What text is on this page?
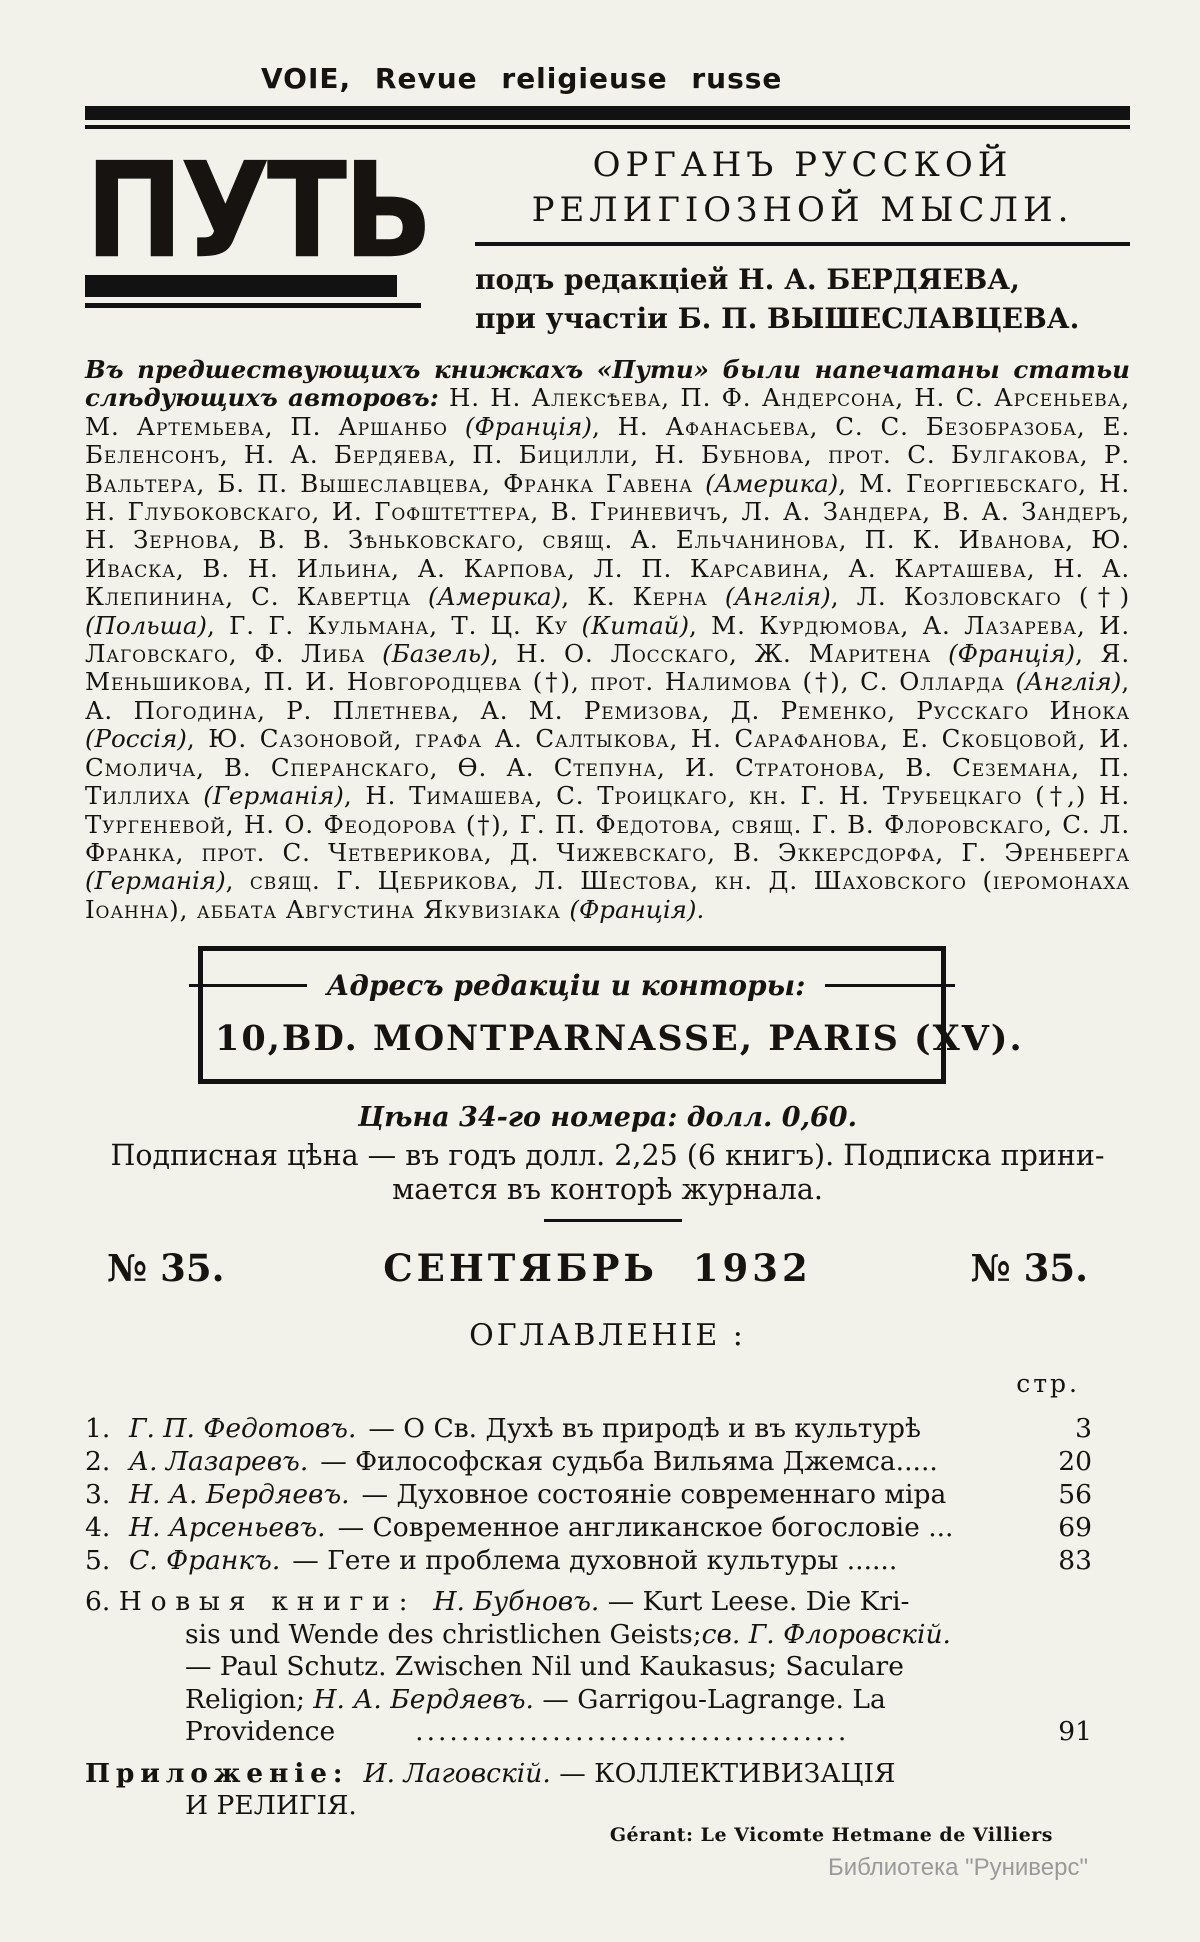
VOIE, Revue religieuse russe
ПУТЬ	ОРГАНЪ РУССКОЙ
РЕЛИГІОЗНОЙ МЫСЛИ.
подъ редакціей Н. А. БЕРДЯЕВА,
при участіи Б. П. ВЫШЕСЛАВЦЕВА.
Въ предшествующихъ книжкахъ «Пути» были напечатаны статьи слѣдующихъ авторовъ: Н. Н. Алексѣева, П. Ф. Андерсона, Н. С. Арсеньева, М. Артемьева, П. Аршанбо (Франція), Н. Афанасьева, С. С. Безобразоба, Е. Беленсонъ, Н. А. Бердяева, П. Бицилли, Н. Бубнова, прот. С. Булгакова, Р. Вальтера, Б. П. Вышеславцева, Франка Гавена (Америка), М. Георгіебскаго, Н. Н. Глубоковскаго, И. Гофштеттера, В. Гриневичъ, Л. А. Зандера, В. А. Зандеръ, Н. Зернова, В. В. Зѣньковскаго, свящ. А. Ельчанинова, П. К. Иванова, Ю. Иваска, В. Н. Ильина, А. Карпова, Л. П. Карсавина, А. Карташева, Н. А. Клепинина, С. Кавертца (Америка), К. Керна (Англія), Л. Козловскаго (†) (Польша), Г. Г. Кульмана, Т. Ц. Ку (Китай), М. Курдюмова, А. Лазарева, И. Лаговскаго, Ф. Либа (Базель), Н. О. Лосскаго, Ж. Маритена (Франція), Я. Меньшикова, П. И. Новгородцева (†), прот. Налимова (†), С. Олларда (Англія), А. Погодина, Р. Плетнева, А. М. Ремизова, Д. Ременко, Русскаго Инока (Россія), Ю. Сазоновой, графа А. Салтыкова, Н. Сарафанова, Е. Скобцовой, И. Смолича, В. Сперанскаго, Ѳ. А. Степуна, И. Стратонова, В. Сеземана, П. Тиллиха (Германія), Н. Тимашева, С. Троицкаго, кн. Г. Н. Трубецкаго (†,) Н. Тургеневой, Н. О. Феодорова (†), Г. П. Федотова, свящ. Г. В. Флоровскаго, С. Л. Франка, прот. С. Четверикова, Д. Чижевскаго, В. Эккерсдорфа, Г. Эренберга (Германія), свящ. Г. Цебрикова, Л. Шестова, кн. Д. Шаховского (іеромонаха Іоанна), аббата Августина Якувизіака (Франція).
Адресъ редакціи и конторы:
10,BD. MONTPARNASSE, PARIS (XV).
Цѣна 34-го номера: долл. 0,60.
Подписная цѣна — въ годъ долл. 2,25 (6 книгъ). Подписка прини-
мается въ конторѣ журнала.
№ 35.	СЕНТЯБРЬ 1932	№ 35.
ОГЛАВЛЕНІЕ :
стр.
1. Г. П. Федотовъ. — О Св. Духѣ въ природѣ и въ культурѣ	3
2. А. Лазаревъ. — Философская судьба Вильяма Джемса.....	20
3. Н. А. Бердяевъ. — Духовное состояніе современнаго міра	56
4. Н. Арсеньевъ. — Современное англиканское богословіе ...	69
5. С. Франкъ. — Гете и проблема духовной культуры ......	83
6. Новыя книги: Н. Бубновъ. — Kurt Leese. Die Kri-
sis und Wende des christlichen Geists;св. Г. Флоровскій.
— Paul Schutz. Zwischen Nil und Kaukasus; Saculare
Religion; Н. А. Бердяевъ. — Garrigou-Lagrange. La
Providence	......................................	91
Приложеніе: И. Лаговскій. — КОЛЛЕКТИВИЗАЦІЯ
И РЕЛИГІЯ.
Gérant: Le Vicomte Hetmane de Villiers
Библиотека "Руниверс"
